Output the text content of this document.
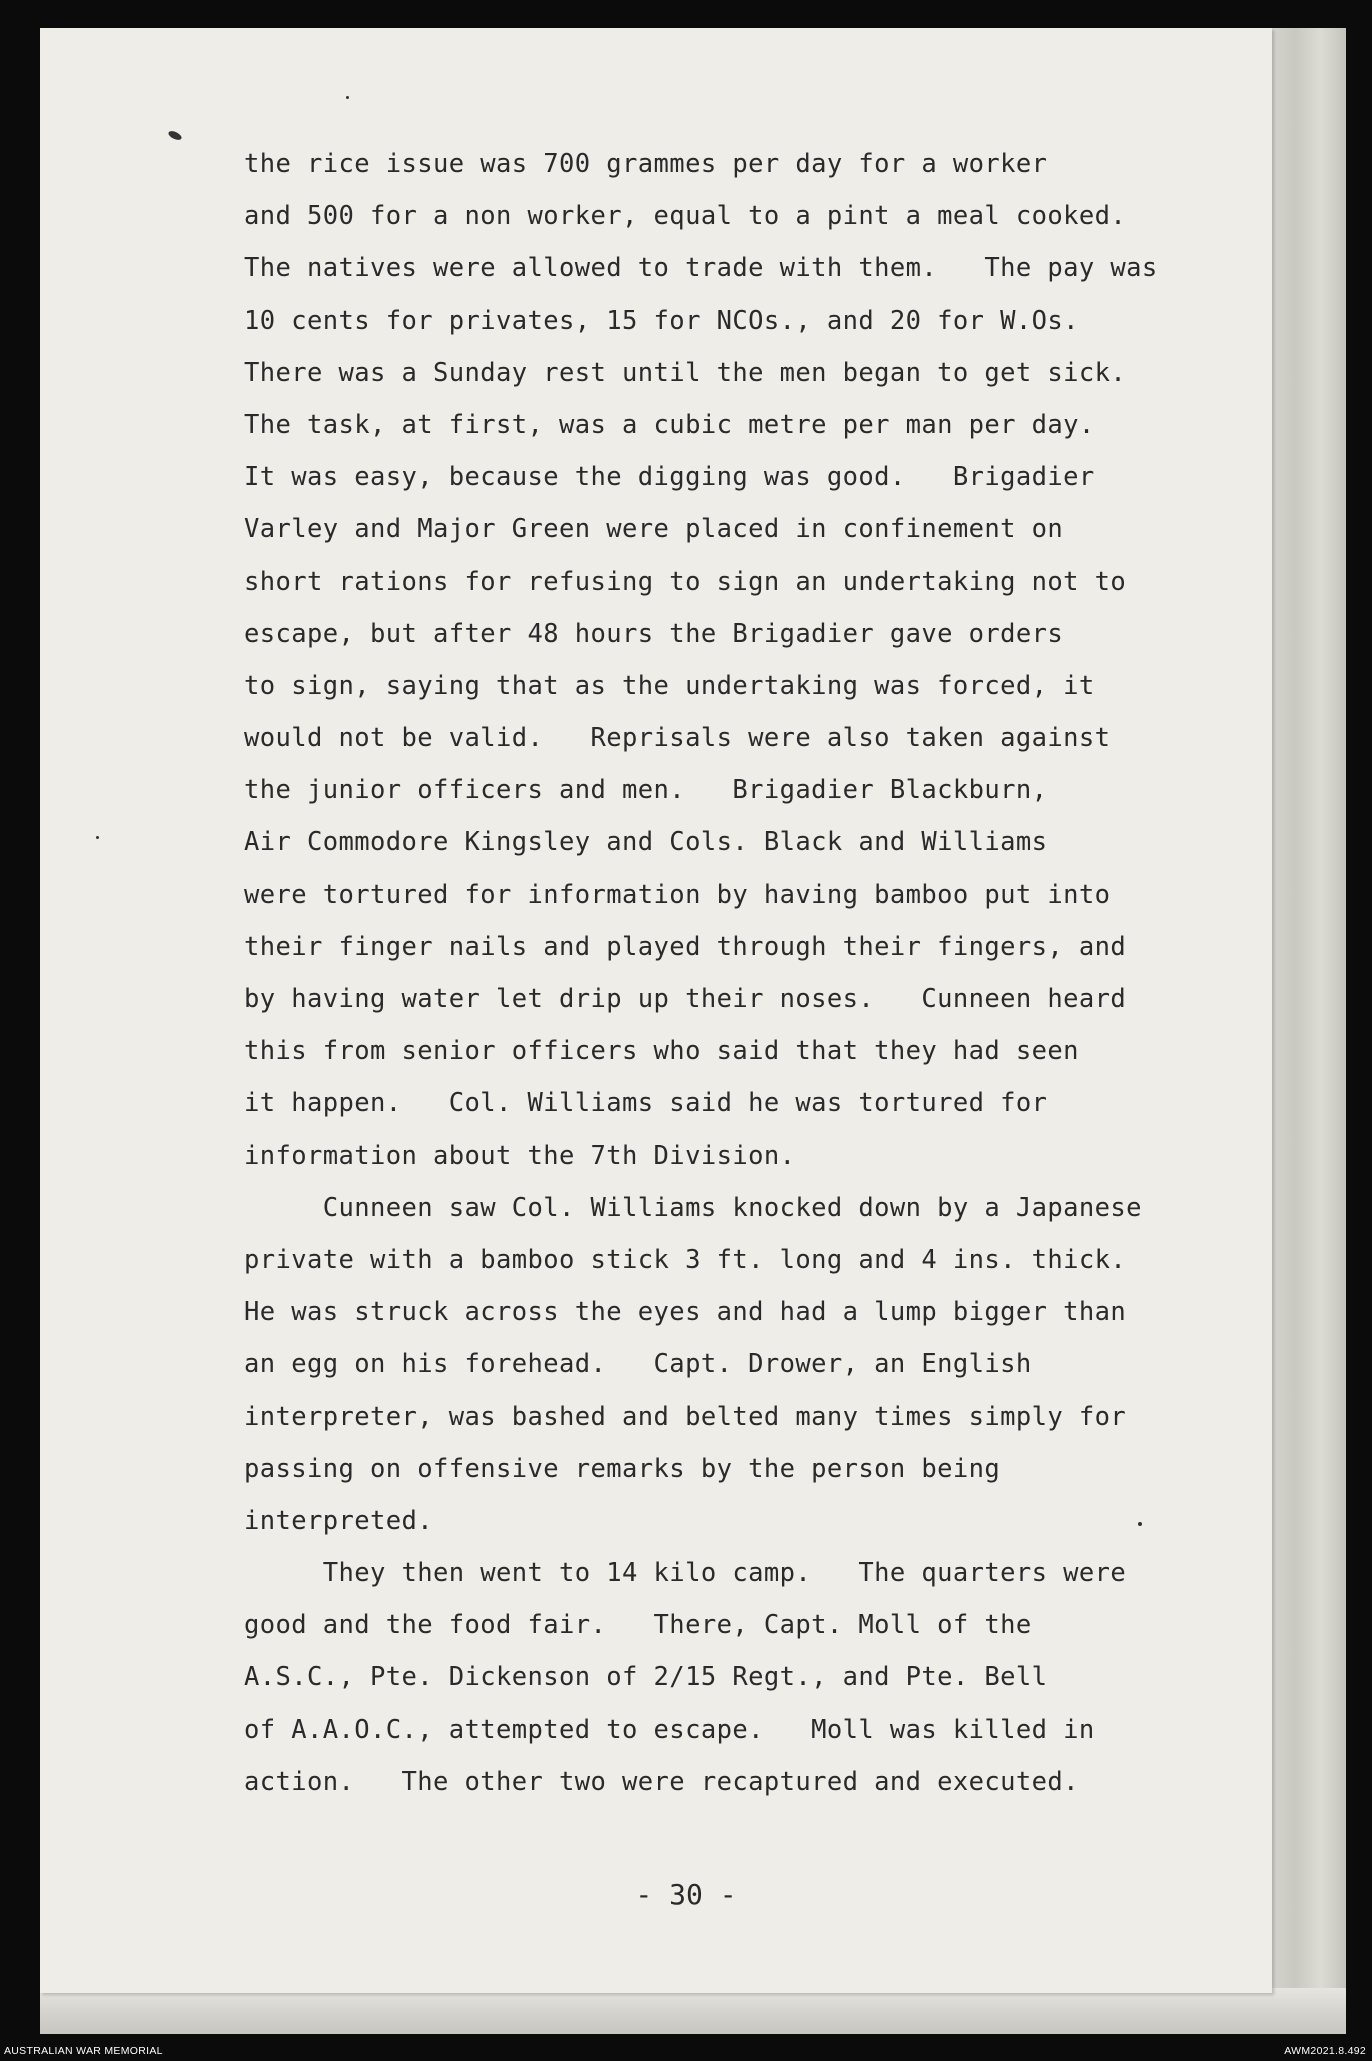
the rice issue was 700 grammes per day for a worker
and 500 for a non worker, equal to a pint a meal cooked.
The natives were allowed to trade with them.   The pay was
10 cents for privates, 15 for NCOs., and 20 for W.Os.
There was a Sunday rest until the men began to get sick.
The task, at first, was a cubic metre per man per day.
It was easy, because the digging was good.   Brigadier
Varley and Major Green were placed in confinement on
short rations for refusing to sign an undertaking not to
escape, but after 48 hours the Brigadier gave orders
to sign, saying that as the undertaking was forced, it
would not be valid.   Reprisals were also taken against
the junior officers and men.   Brigadier Blackburn,
Air Commodore Kingsley and Cols. Black and Williams
were tortured for information by having bamboo put into
their finger nails and played through their fingers, and
by having water let drip up their noses.   Cunneen heard
this from senior officers who said that they had seen
it happen.   Col. Williams said he was tortured for
information about the 7th Division.
Cunneen saw Col. Williams knocked down by a Japanese
private with a bamboo stick 3 ft. long and 4 ins. thick.
He was struck across the eyes and had a lump bigger than
an egg on his forehead.   Capt. Drower, an English
interpreter, was bashed and belted many times simply for
passing on offensive remarks by the person being
interpreted.
They then went to 14 kilo camp.   The quarters were
good and the food fair.   There, Capt. Moll of the
A.S.C., Pte. Dickenson of 2/15 Regt., and Pte. Bell
of A.A.O.C., attempted to escape.   Moll was killed in
action.   The other two were recaptured and executed.
- 30 -
AUSTRALIAN WAR MEMORIAL	AWM2021.8.492
